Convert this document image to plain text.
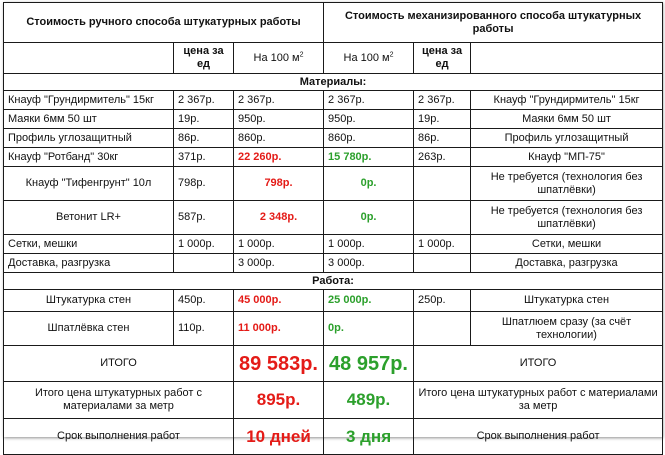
Стоимость ручного способа штукатурных работы			Стоимость механизированного способа штукатурных работы		
	цена за ед	На 100 $м^2$	На 100 $м^2$	цена за ед	
Материалы:					
Кнауф "Грундирмитель" 15кг	2 367р.	2 367р.	2 367р.	2 367р.	Кнауф "Грундирмитель" 15кг
Маяки 6мм 50 шт	19р.	950р.	950р.	19р.	Маяки 6мм 50 шт
Профиль углозащитный	86р.	860р.	860р.	86р.	Профиль углозащитный
Кнауф "Ротбанд" 30кг	371р.	22 260р.	15 780р.	263р.	Кнауф "МП-75"
Кнауф "Тифенгрунт" 10л	798р.	798р.	0р.		Не требуется (технология без шпатлёвки)
Ветонит LR+	587р.	2 348р.	0р.		Не требуется (технология без шпатлёвки)
Сетки, мешки	1 000р.	1 000р.	1 000р.	1 000р.	Сетки, мешки
Доставка, разгрузка		3 000р.	3 000р.		Доставка, разгрузка
Работа:					
Штукатурка стен	450р.	45 000р.	25 000р.	250р.	Штукатурка стен
Шпатлёвка стен	110р.	11 000р.	0р.		Шпатлюем сразу (за счёт технологии)
ИТОГО		89 583р.	48 957р.	ИТОГО	
Итого цена штукатурных работ с материалами за метр		895р.	489р.	Итого цена штукатурных работ с материалами за метр	
Срок выполнения работ		10 дней	3 дня	Срок выполнения работ	
